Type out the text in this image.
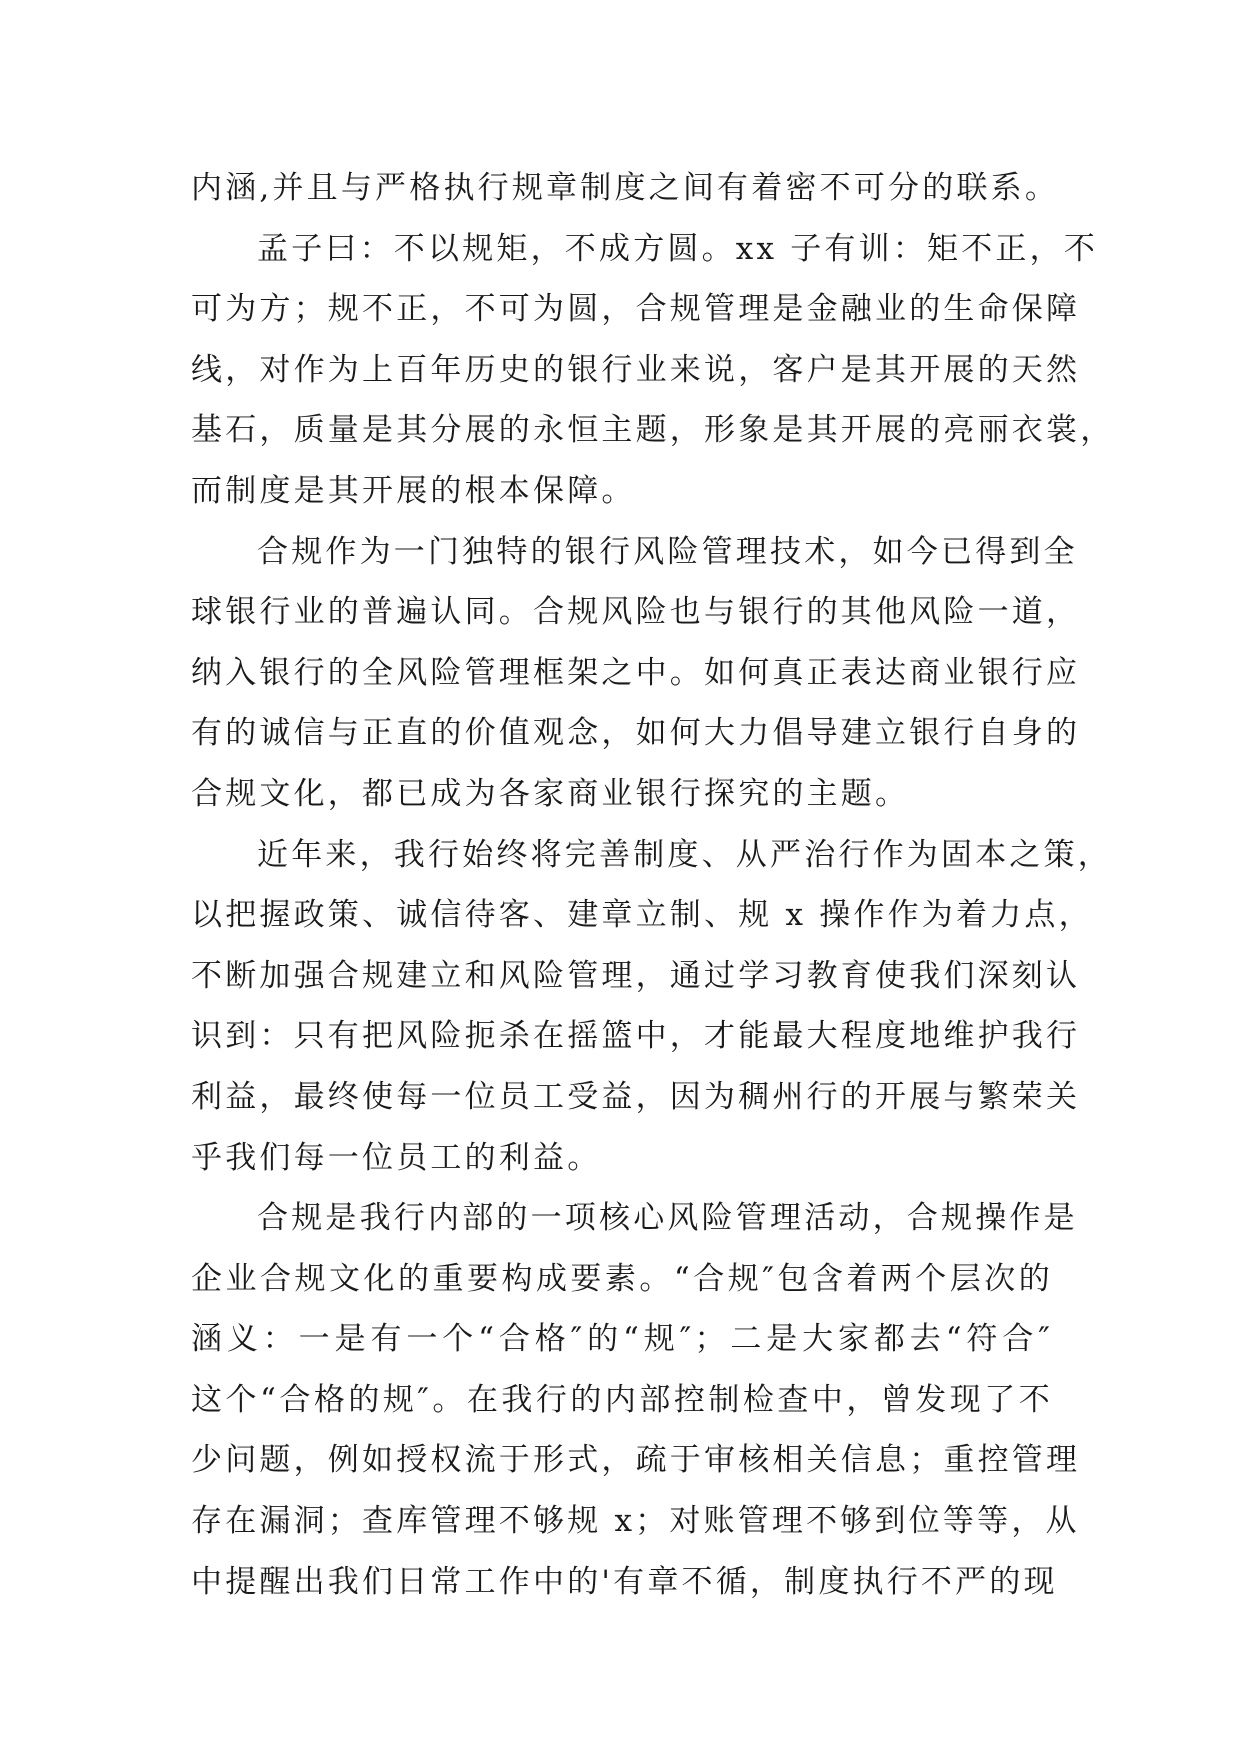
内涵,并且与严格执行规章制度之间有着密不可分的联系。
孟子曰：不以规矩，不成方圆。xx 子有训：矩不正，不
可为方；规不正，不可为圆，合规管理是金融业的生命保障
线，对作为上百年历史的银行业来说，客户是其开展的天然
基石，质量是其分展的永恒主题，形象是其开展的亮丽衣裳，
而制度是其开展的根本保障。
合规作为一门独特的银行风险管理技术，如今已得到全
球银行业的普遍认同。合规风险也与银行的其他风险一道，
纳入银行的全风险管理框架之中。如何真正表达商业银行应
有的诚信与正直的价值观念，如何大力倡导建立银行自身的
合规文化，都已成为各家商业银行探究的主题。
近年来，我行始终将完善制度、从严治行作为固本之策，
以把握政策、诚信待客、建章立制、规 x 操作作为着力点，
不断加强合规建立和风险管理，通过学习教育使我们深刻认
识到：只有把风险扼杀在摇篮中，才能最大程度地维护我行
利益，最终使每一位员工受益，因为稠州行的开展与繁荣关
乎我们每一位员工的利益。
合规是我行内部的一项核心风险管理活动，合规操作是
企业合规文化的重要构成要素。“合规″包含着两个层次的
涵义：一是有一个“合格″的“规″；二是大家都去“符合″
这个“合格的规″。在我行的内部控制检查中，曾发现了不
少问题，例如授权流于形式，疏于审核相关信息；重控管理
存在漏洞；查库管理不够规 x；对账管理不够到位等等，从
中提醒出我们日常工作中的'有章不循，制度执行不严的现
